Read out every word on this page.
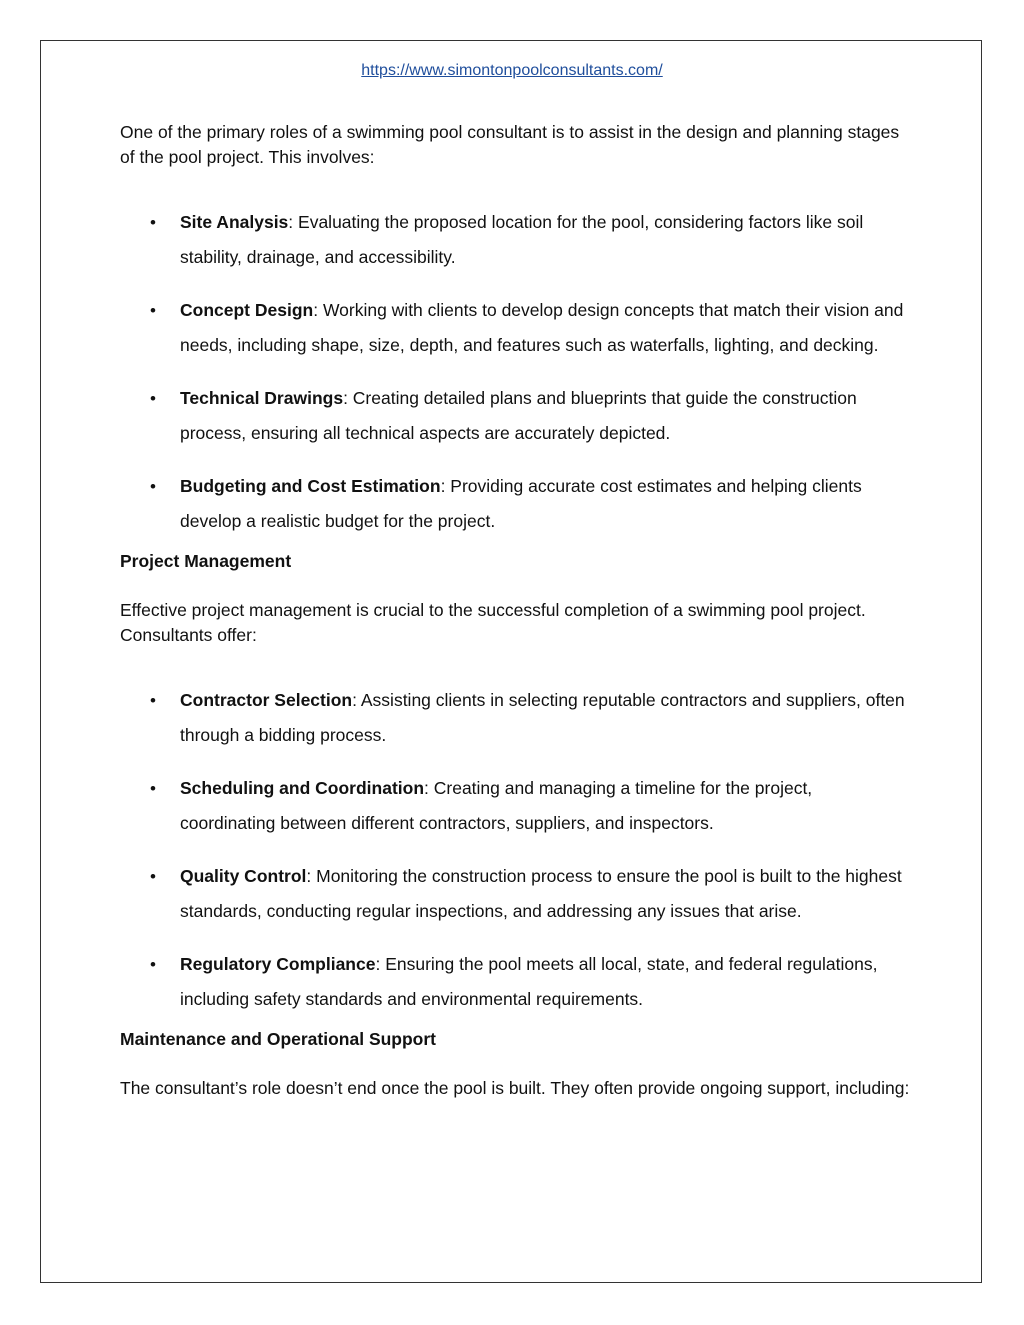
https://www.simontonpoolconsultants.com/

One of the primary roles of a swimming pool consultant is to assist in the design and planning stages of the pool project. This involves:

• Site Analysis: Evaluating the proposed location for the pool, considering factors like soil stability, drainage, and accessibility.
• Concept Design: Working with clients to develop design concepts that match their vision and needs, including shape, size, depth, and features such as waterfalls, lighting, and decking.
• Technical Drawings: Creating detailed plans and blueprints that guide the construction process, ensuring all technical aspects are accurately depicted.
• Budgeting and Cost Estimation: Providing accurate cost estimates and helping clients develop a realistic budget for the project.

Project Management

Effective project management is crucial to the successful completion of a swimming pool project. Consultants offer:

• Contractor Selection: Assisting clients in selecting reputable contractors and suppliers, often through a bidding process.
• Scheduling and Coordination: Creating and managing a timeline for the project, coordinating between different contractors, suppliers, and inspectors.
• Quality Control: Monitoring the construction process to ensure the pool is built to the highest standards, conducting regular inspections, and addressing any issues that arise.
• Regulatory Compliance: Ensuring the pool meets all local, state, and federal regulations, including safety standards and environmental requirements.

Maintenance and Operational Support

The consultant’s role doesn’t end once the pool is built. They often provide ongoing support, including:
